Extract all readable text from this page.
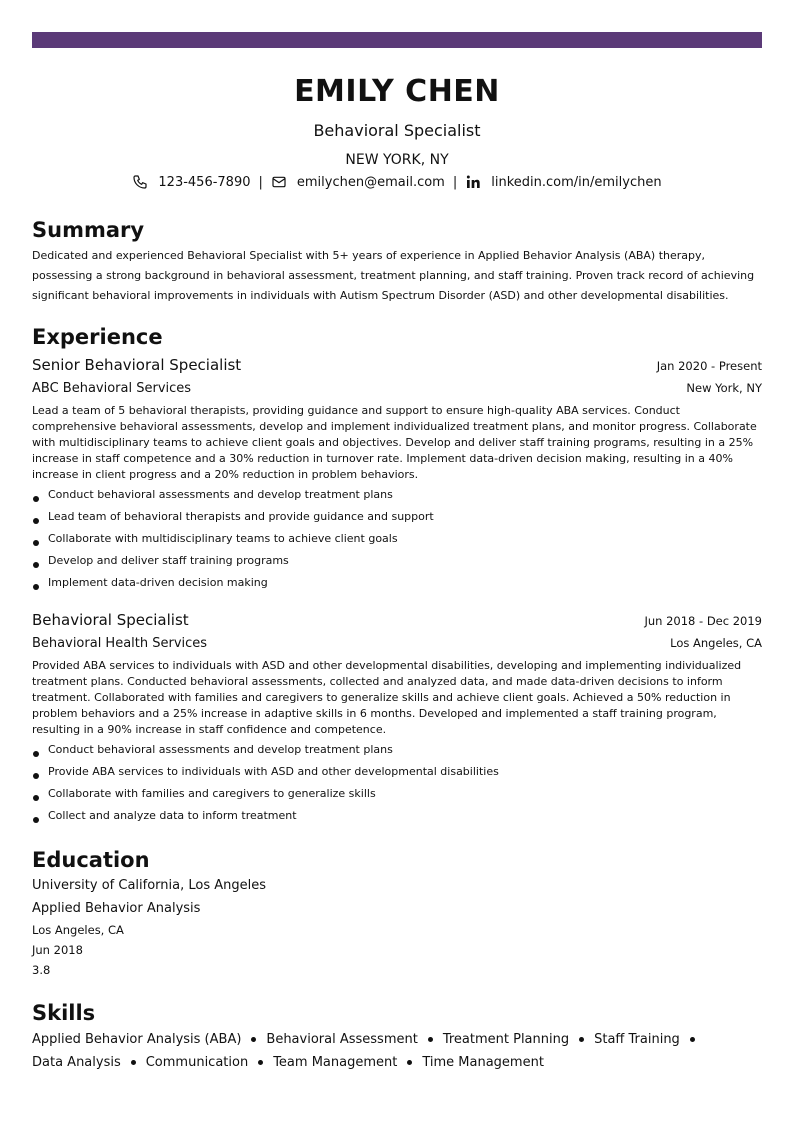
EMILY CHEN
Behavioral Specialist
NEW YORK, NY
123-456-7890 |	emilychen@email.com |	linkedin.com/in/emilychen
Summary
Dedicated and experienced Behavioral Specialist with 5+ years of experience in Applied Behavior Analysis (ABA) therapy, possessing a strong background in behavioral assessment, treatment planning, and staff training. Proven track record of achieving significant behavioral improvements in individuals with Autism Spectrum Disorder (ASD) and other developmental disabilities.
Experience
Senior Behavioral Specialist	Jan 2020 - Present
ABC Behavioral Services	New York, NY
Lead a team of 5 behavioral therapists, providing guidance and support to ensure high-quality ABA services. Conduct comprehensive behavioral assessments, develop and implement individualized treatment plans, and monitor progress. Collaborate with multidisciplinary teams to achieve client goals and objectives. Develop and deliver staff training programs, resulting in a 25% increase in staff competence and a 30% reduction in turnover rate. Implement data-driven decision making, resulting in a 40% increase in client progress and a 20% reduction in problem behaviors.
Conduct behavioral assessments and develop treatment plans
Lead team of behavioral therapists and provide guidance and support
Collaborate with multidisciplinary teams to achieve client goals
Develop and deliver staff training programs
Implement data-driven decision making
Behavioral Specialist	Jun 2018 - Dec 2019
Behavioral Health Services	Los Angeles, CA
Provided ABA services to individuals with ASD and other developmental disabilities, developing and implementing individualized treatment plans. Conducted behavioral assessments, collected and analyzed data, and made data-driven decisions to inform treatment. Collaborated with families and caregivers to generalize skills and achieve client goals. Achieved a 50% reduction in problem behaviors and a 25% increase in adaptive skills in 6 months. Developed and implemented a staff training program, resulting in a 90% increase in staff confidence and competence.
Conduct behavioral assessments and develop treatment plans
Provide ABA services to individuals with ASD and other developmental disabilities
Collaborate with families and caregivers to generalize skills
Collect and analyze data to inform treatment
Education
University of California, Los Angeles
Applied Behavior Analysis
Los Angeles, CA
Jun 2018
3.8
Skills
Applied Behavior Analysis (ABA) Behavioral Assessment Treatment Planning Staff Training
Data Analysis Communication Team Management Time Management
